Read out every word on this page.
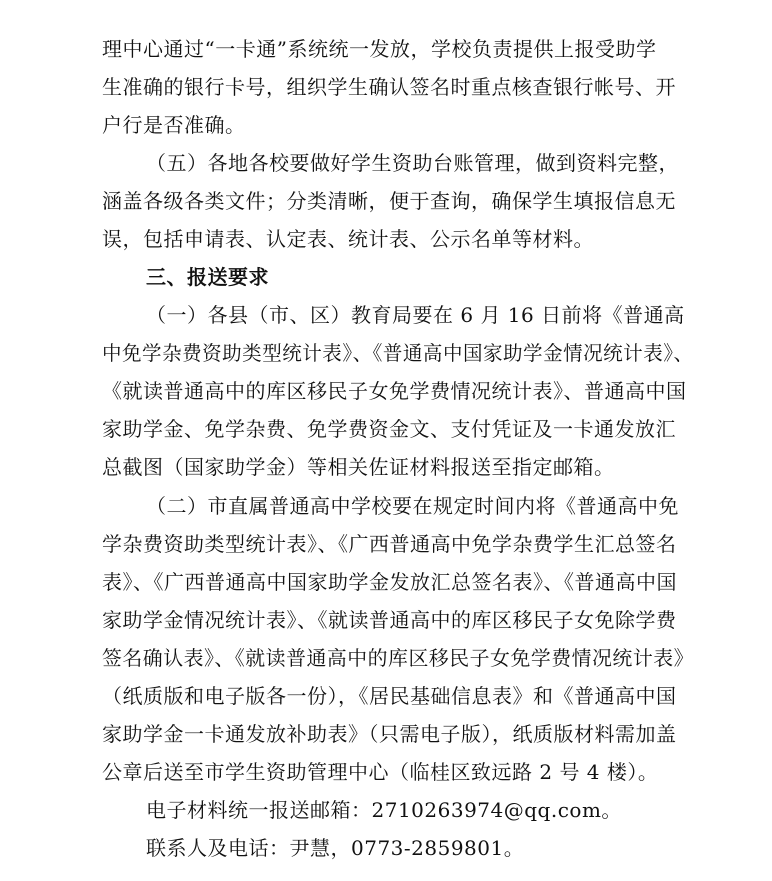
理中心通过“一卡通”系统统一发放，学校负责提供上报受助学
生准确的银行卡号，组织学生确认签名时重点核查银行帐号、开
户行是否准确。
（五）各地各校要做好学生资助台账管理，做到资料完整，
涵盖各级各类文件；分类清晰，便于查询，确保学生填报信息无
误，包括申请表、认定表、统计表、公示名单等材料。
三、报送要求
（一）各县（市、区）教育局要在 6 月 16 日前将《普通高
中免学杂费资助类型统计表》、《普通高中国家助学金情况统计表》、
《就读普通高中的库区移民子女免学费情况统计表》、普通高中国
家助学金、免学杂费、免学费资金文、支付凭证及一卡通发放汇
总截图（国家助学金）等相关佐证材料报送至指定邮箱。
（二）市直属普通高中学校要在规定时间内将《普通高中免
学杂费资助类型统计表》、《广西普通高中免学杂费学生汇总签名
表》、《广西普通高中国家助学金发放汇总签名表》、《普通高中国
家助学金情况统计表》、《就读普通高中的库区移民子女免除学费
签名确认表》、《就读普通高中的库区移民子女免学费情况统计表》
（纸质版和电子版各一份），《居民基础信息表》和《普通高中国
家助学金一卡通发放补助表》（只需电子版），纸质版材料需加盖
公章后送至市学生资助管理中心（临桂区致远路 2 号 4 楼）。
电子材料统一报送邮箱：2710263974@qq.com。
联系人及电话：尹慧，0773-2859801。
